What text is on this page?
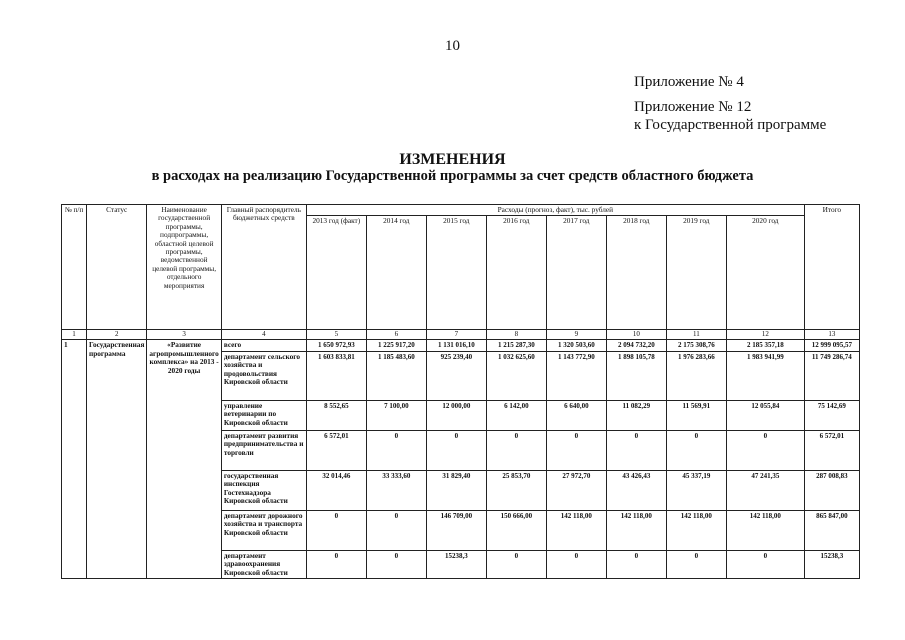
10
Приложение № 4
Приложение № 12
к Государственной программе
ИЗМЕНЕНИЯ
в расходах на реализацию Государственной программы за счет средств областного бюджета
№ п/п	Статус	Наименование государственной программы, подпрограммы, областной целевой программы, ведомственной целевой программы, отдельного мероприятия	Главный распорядитель бюджетных средств	Расходы (прогноз, факт), тыс. рублей								Итого
				2013 год (факт)	2014 год	2015 год	2016 год	2017 год	2018 год	2019 год	2020 год	
1	2	3	4	5	6	7	8	9	10	11	12	13
1	Государственная программа	«Развитие агропромышленного комплекса» на 2013 - 2020 годы	всего	1 650 972,93	1 225 917,20	1 131 016,10	1 215 287,30	1 320 503,60	2 094 732,20	2 175 308,76	2 185 357,18	12 999 095,57
			департамент сельского хозяйства и продовольствия Кировской области	1 603 833,81	1 185 483,60	925 239,40	1 032 625,60	1 143 772,90	1 898 105,78	1 976 283,66	1 983 941,99	11 749 286,74
			управление ветеринарии по Кировской области	8 552,65	7 100,00	12 000,00	6 142,00	6 640,00	11 082,29	11 569,91	12 055,84	75 142,69
			департамент развития предпринимательства и торговли	6 572,01	0	0	0	0	0	0	0	6 572,01
			государственная инспекция Гостехнадзора Кировской области	32 014,46	33 333,60	31 829,40	25 853,70	27 972,70	43 426,43	45 337,19	47 241,35	287 008,83
			департамент дорожного хозяйства и транспорта Кировской области	0	0	146 709,00	150 666,00	142 118,00	142 118,00	142 118,00	142 118,00	865 847,00
			департамент здравоохранения Кировской области	0	0	15238,3	0	0	0	0	0	15238,3
